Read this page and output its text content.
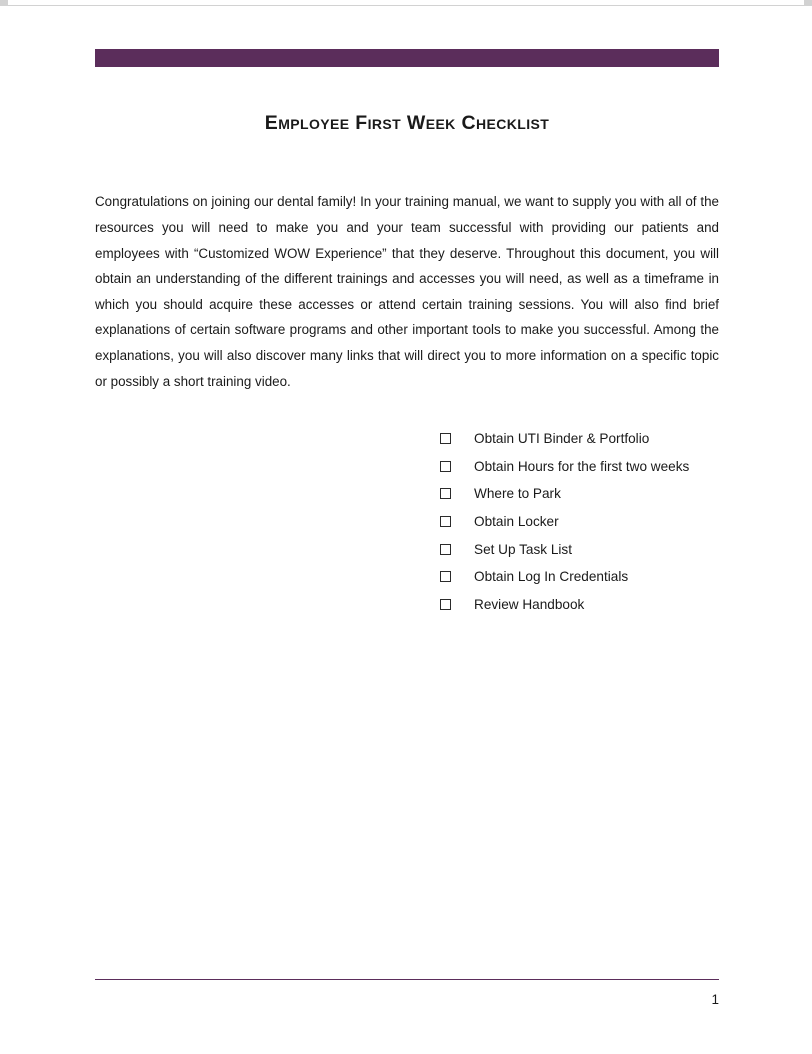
Employee First Week Checklist

Congratulations on joining our dental family! In your training manual, we want to supply you with all of the resources you will need to make you and your team successful with providing our patients and employees with “Customized WOW Experience” that they deserve. Throughout this document, you will obtain an understanding of the different trainings and accesses you will need, as well as a timeframe in which you should acquire these accesses or attend certain training sessions. You will also find brief explanations of certain software programs and other important tools to make you successful. Among the explanations, you will also discover many links that will direct you to more information on a specific topic or possibly a short training video.

Obtain UTI Binder & Portfolio
Obtain Hours for the first two weeks
Where to Park
Obtain Locker
Set Up Task List
Obtain Log In Credentials
Review Handbook
1
